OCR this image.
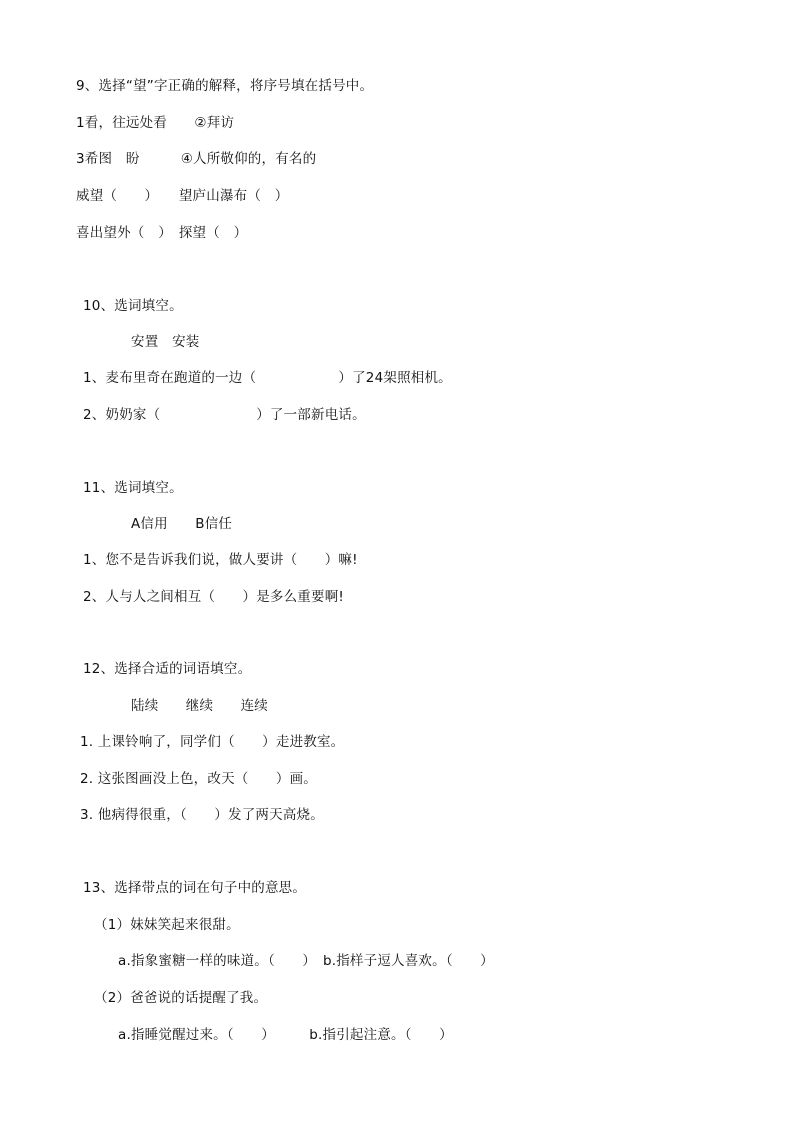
9、选择“望”字正确的解释，将序号填在括号中。
1看，往远处看　　②拜访
3希图　盼　　　④人所敬仰的，有名的
威望（　　）　　望庐山瀑布（　）
喜出望外（　）　探望（　）
10、选词填空。
安置　安装
1、麦布里奇在跑道的一边（　　　　　　）了24架照相机。
2、奶奶家（　　　　　　　）了一部新电话。
11、选词填空。
A信用　　B信任
1、您不是告诉我们说，做人要讲（　　）嘛!
2、人与人之间相互（　　）是多么重要啊!
12、选择合适的词语填空。
陆续　　继续　　连续
1. 上课铃响了，同学们（　　）走进教室。
2. 这张图画没上色，改天（　　）画。
3. 他病得很重，（　　）发了两天高烧。
13、选择带点的词在句子中的意思。
（1）妹妹笑起来很甜。
a.指象蜜糖一样的味道。（　　）　b.指样子逗人喜欢。（　　）
（2）爸爸说的话提醒了我。
a.指睡觉醒过来。（　　）　　　b.指引起注意。（　　）
